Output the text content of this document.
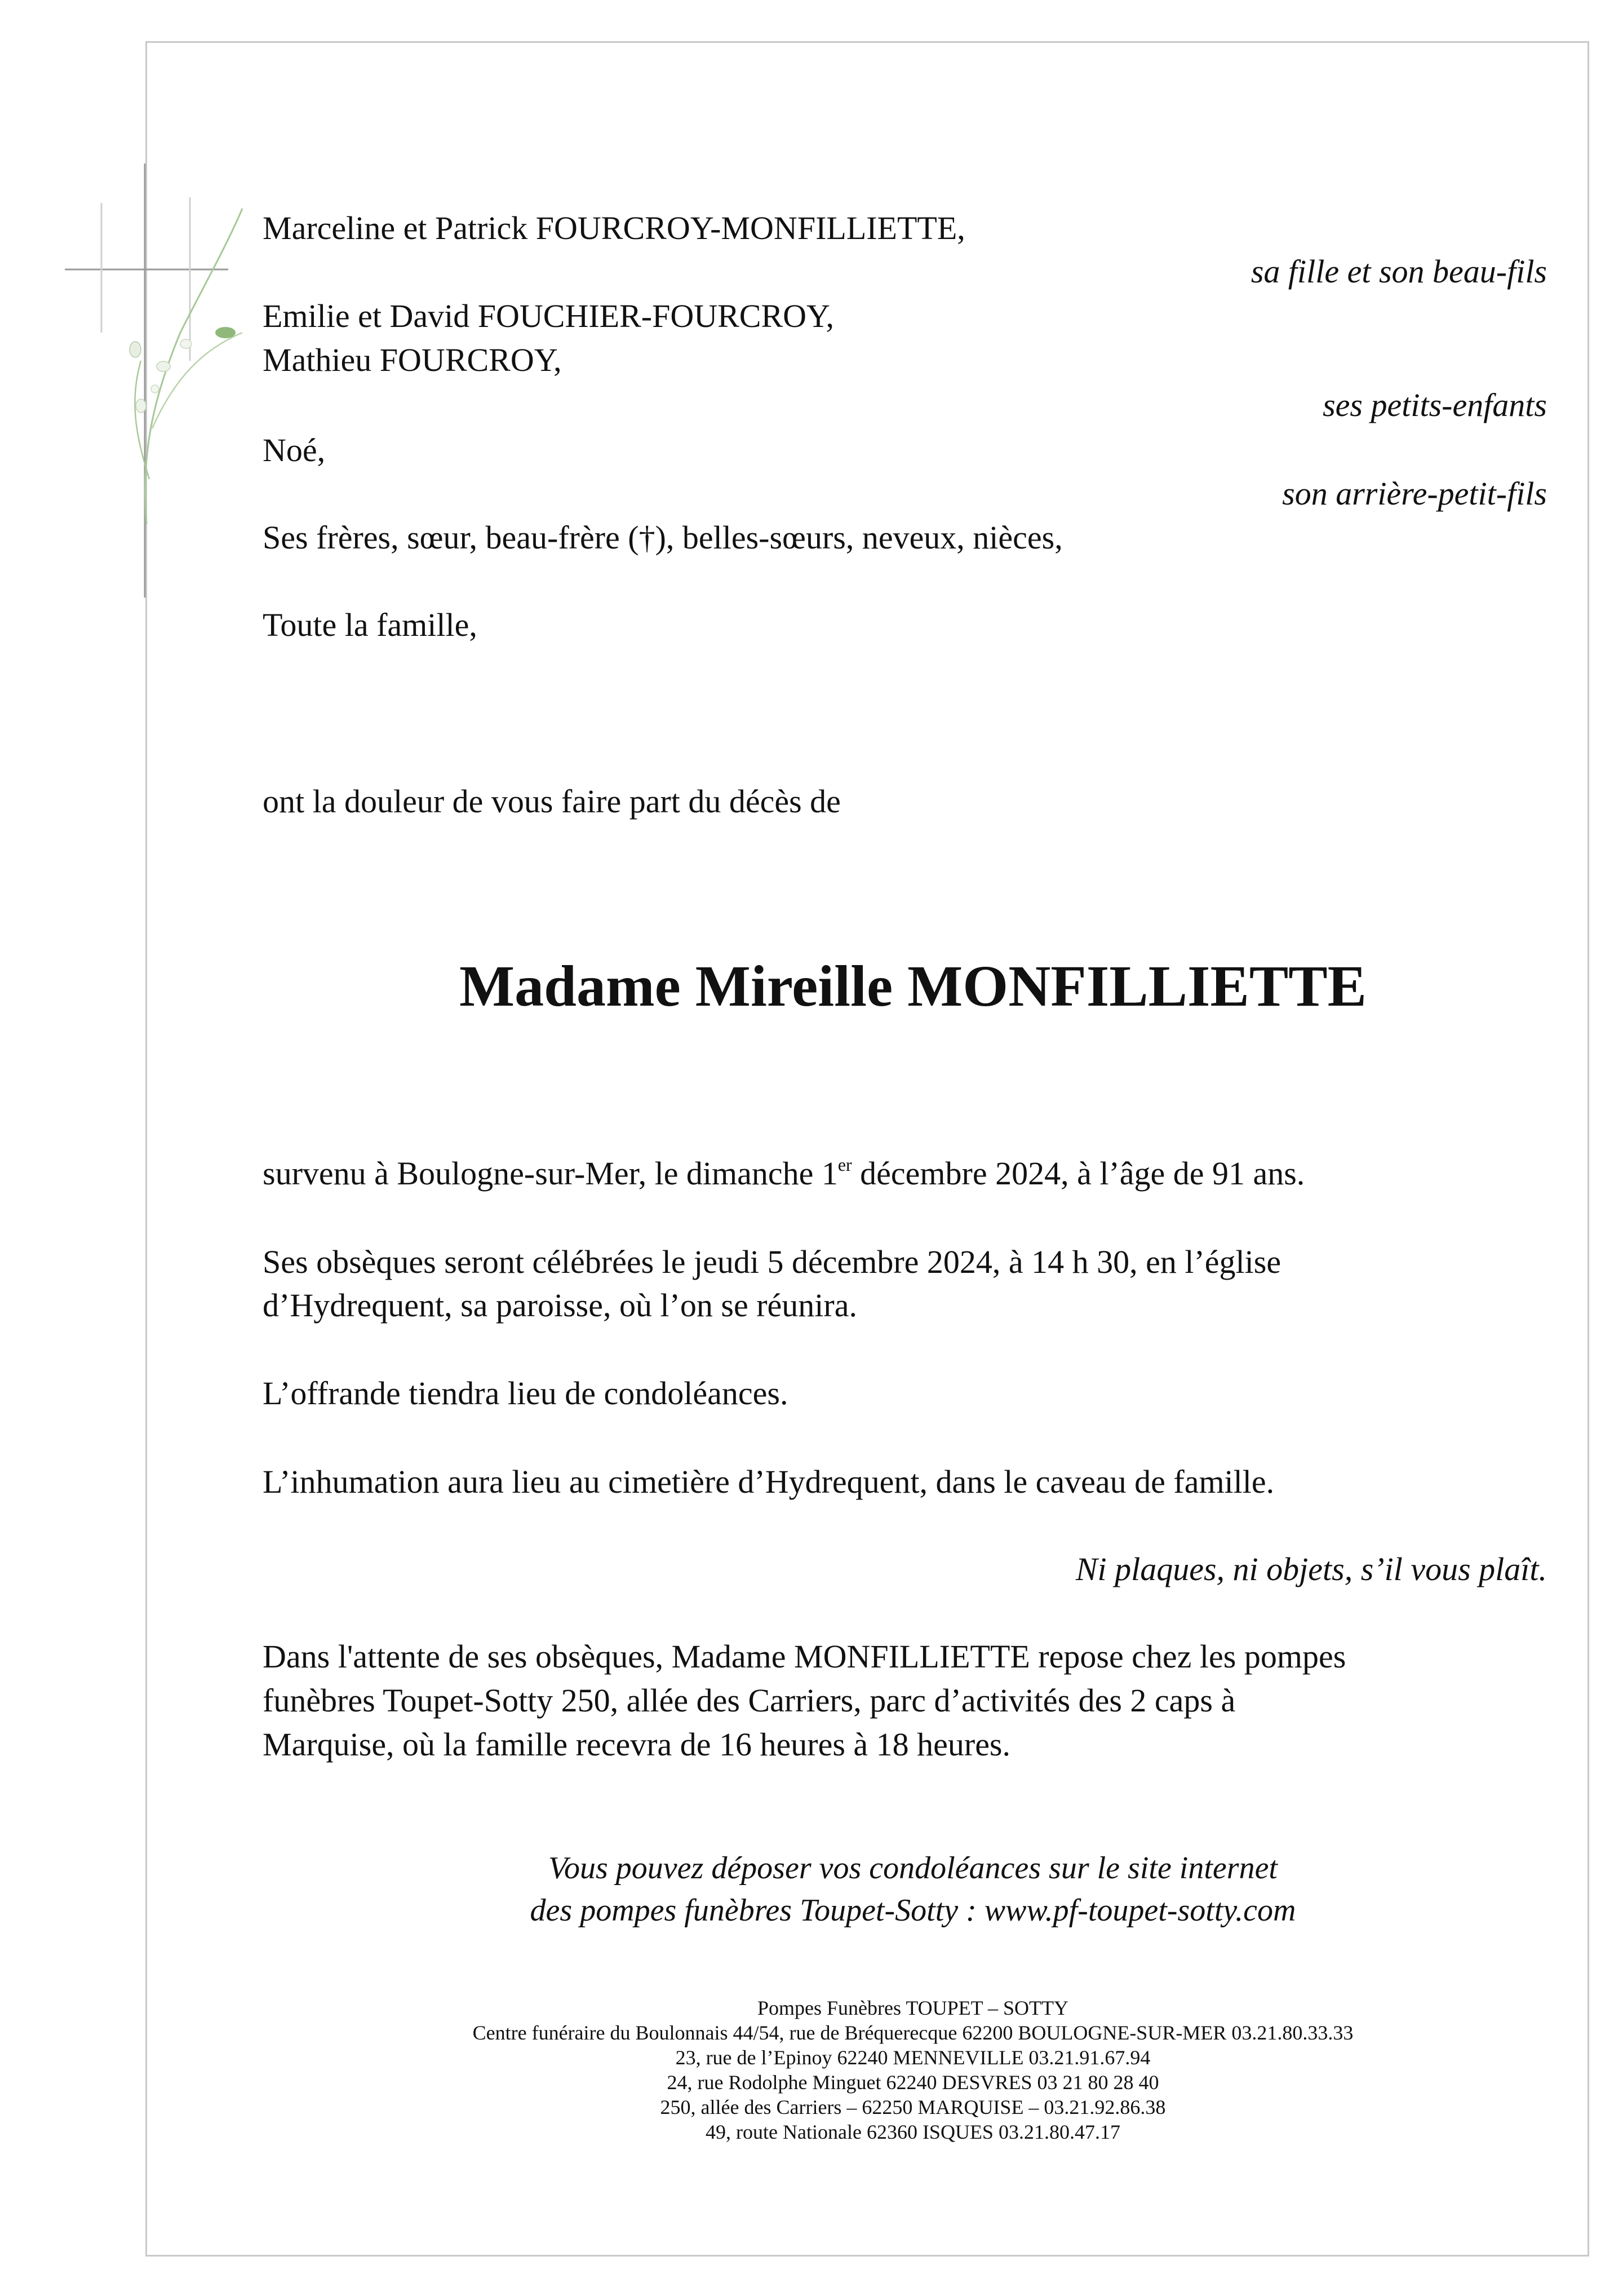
Marceline et Patrick FOURCROY-MONFILLIETTE,

sa fille et son beau-fils

Emilie et David FOUCHIER-FOURCROY,

Mathieu FOURCROY,

ses petits-enfants

Noé,

son arrière-petit-fils

Ses frères, sœur, beau-frère (†), belles-sœurs, neveux, nièces,

Toute la famille,

ont la douleur de vous faire part du décès de

Madame Mireille MONFILLIETTE

survenu à Boulogne-sur-Mer, le dimanche 1er décembre 2024, à l’âge de 91 ans.

Ses obsèques seront célébrées le jeudi 5 décembre 2024, à 14 h 30, en l’église

d’Hydrequent, sa paroisse, où l’on se réunira.

L’offrande tiendra lieu de condoléances.

L’inhumation aura lieu au cimetière d’Hydrequent, dans le caveau de famille.

Ni plaques, ni objets, s’il vous plaît.

Dans l'attente de ses obsèques, Madame MONFILLIETTE repose chez les pompes

funèbres Toupet-Sotty 250, allée des Carriers, parc d’activités des 2 caps à

Marquise, où la famille recevra de 16 heures à 18 heures.

Vous pouvez déposer vos condoléances sur le site internet
des pompes funèbres Toupet-Sotty : www.pf-toupet-sotty.com
Pompes Funèbres TOUPET – SOTTY
Centre funéraire du Boulonnais 44/54, rue de Bréquerecque 62200 BOULOGNE-SUR-MER 03.21.80.33.33
23, rue de l’Epinoy 62240 MENNEVILLE 03.21.91.67.94
24, rue Rodolphe Minguet 62240 DESVRES 03 21 80 28 40
250, allée des Carriers – 62250 MARQUISE – 03.21.92.86.38
49, route Nationale 62360 ISQUES 03.21.80.47.17
